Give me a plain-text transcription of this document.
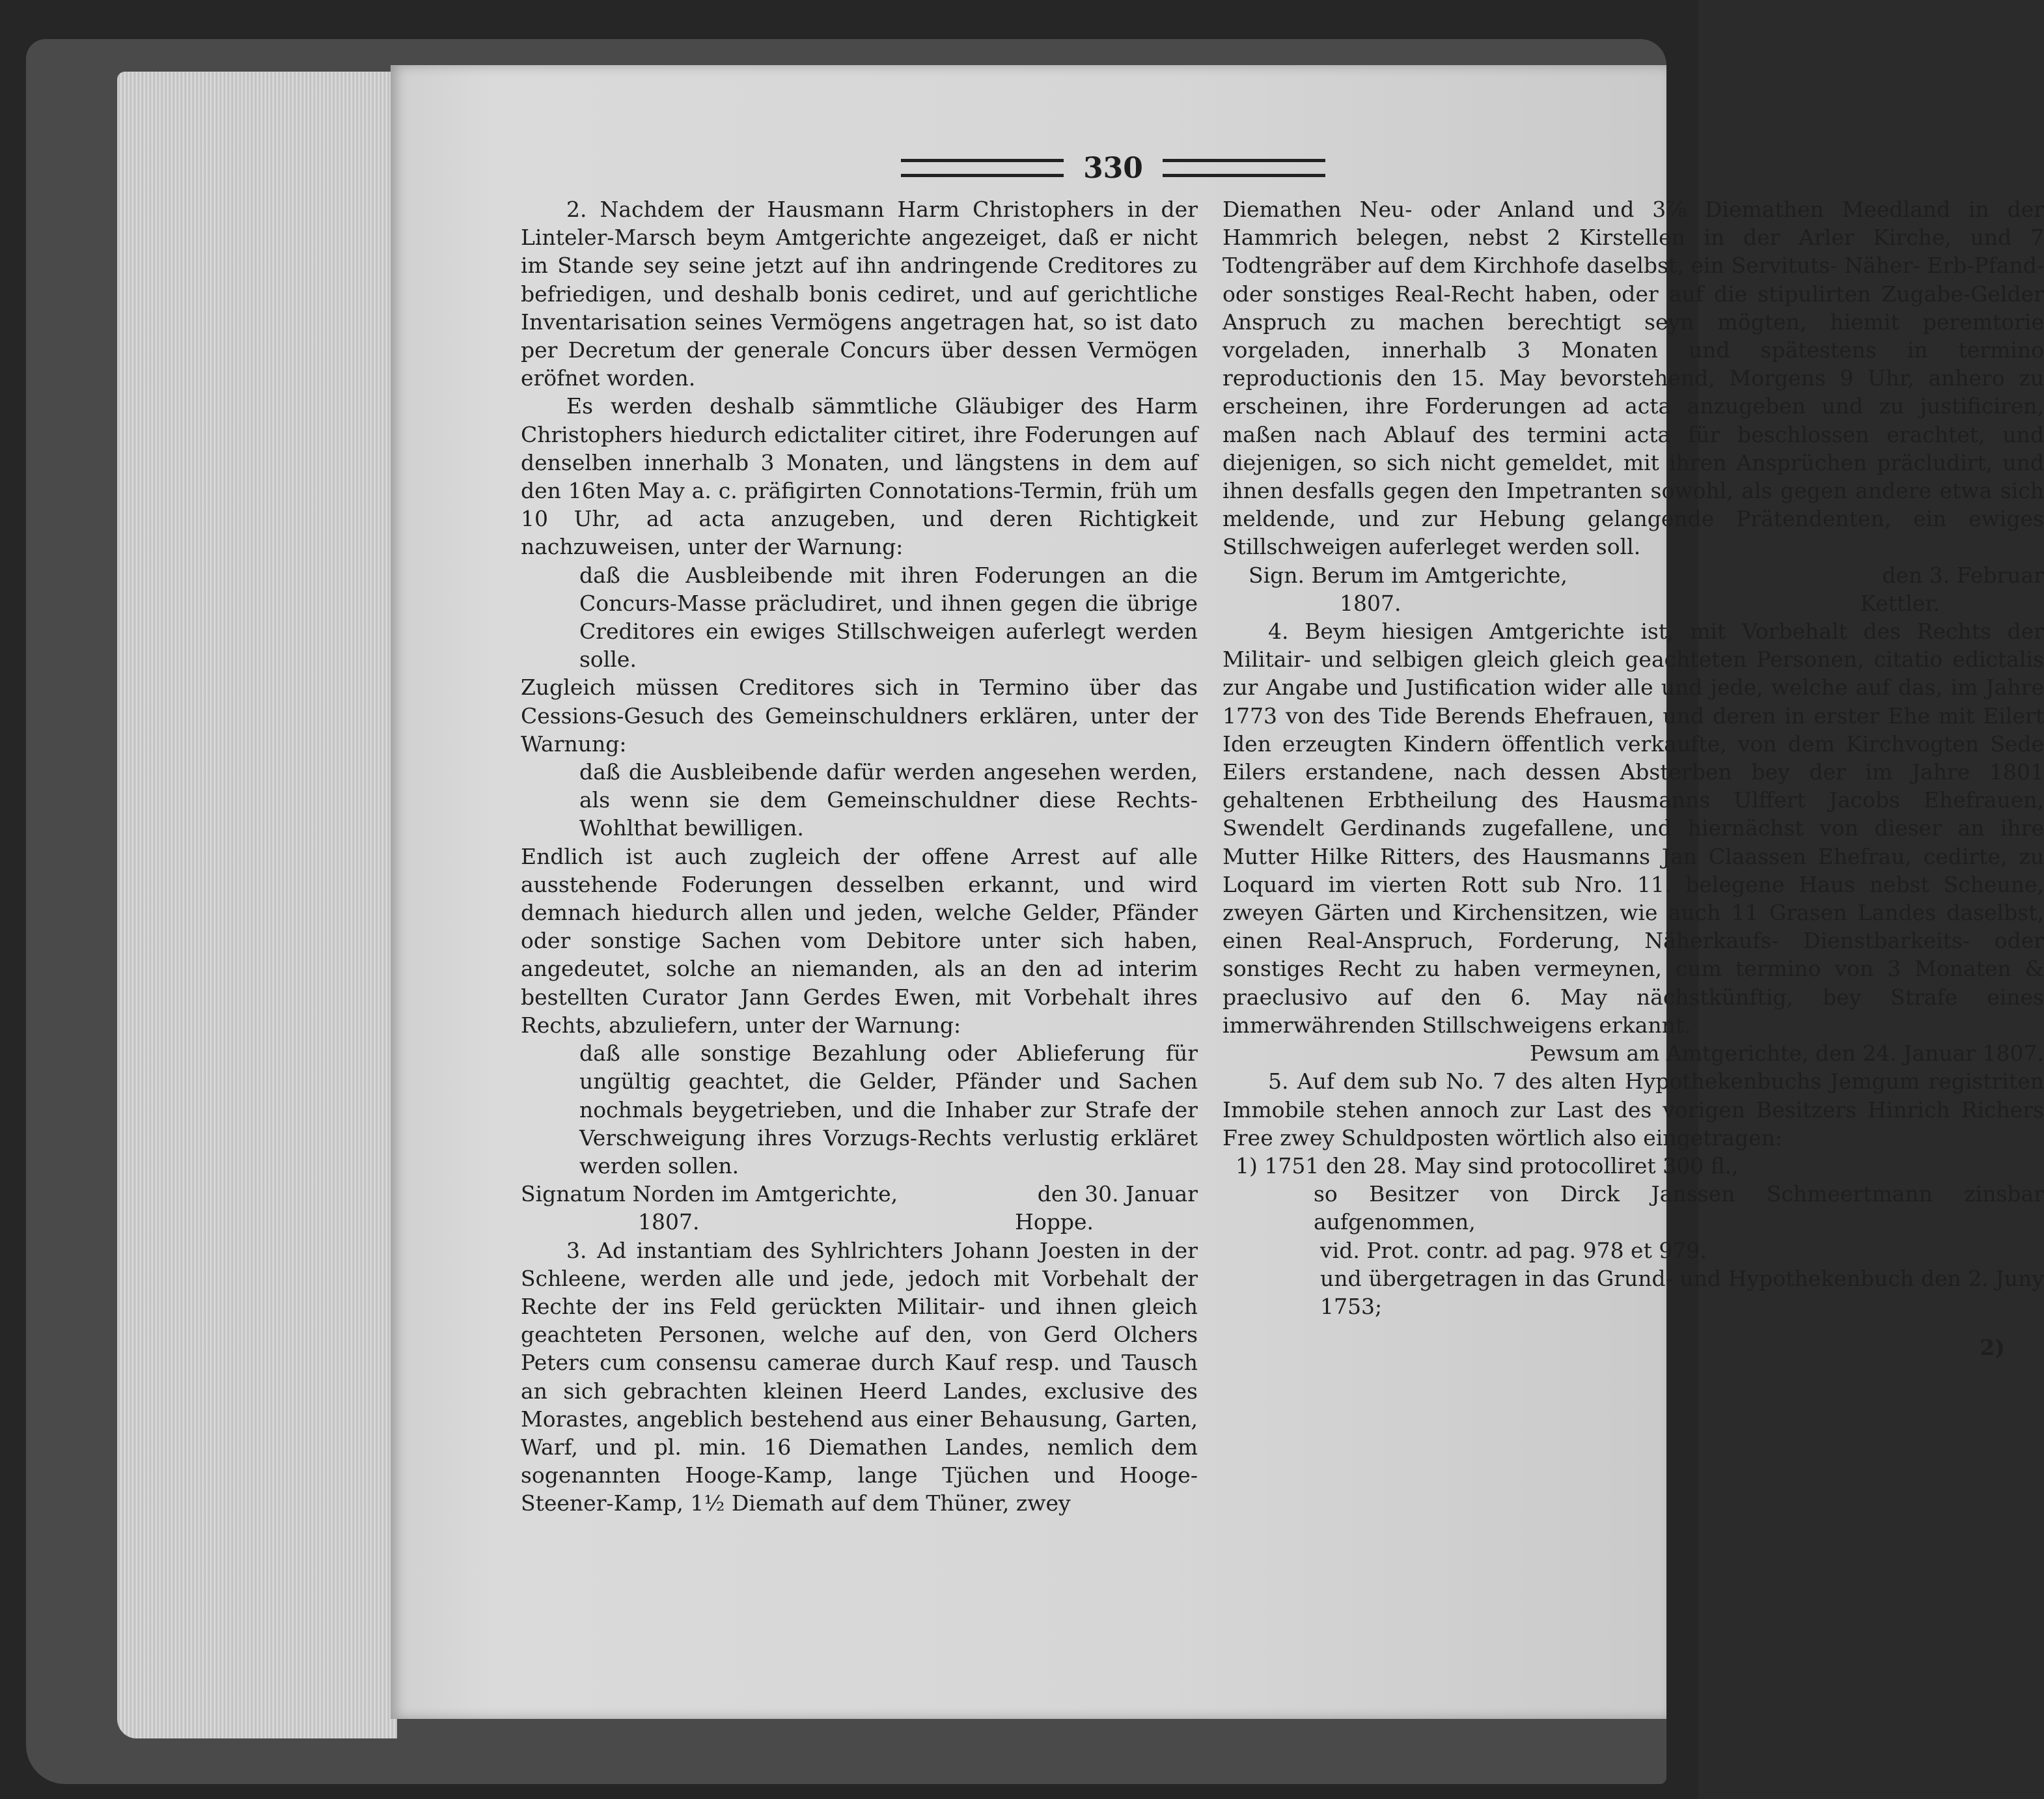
330

2. Nachdem der Hausmann Harm Christophers in der Linteler-Marsch beym Amtgerichte angezeiget, daß er nicht im Stande sey seine jetzt auf ihn andringende Creditores zu befriedigen, und deshalb bonis cediret, und auf gerichtliche Inventarisation seines Vermögens angetragen hat, so ist dato per Decretum der generale Concurs über dessen Vermögen eröfnet worden.

Es werden deshalb sämmtliche Gläubiger des Harm Christophers hiedurch edictaliter citiret, ihre Foderungen auf denselben innerhalb 3 Monaten, und längstens in dem auf den 16ten May a. c. präfigirten Connotations-Termin, früh um 10 Uhr, ad acta anzugeben, und deren Richtigkeit nachzuweisen, unter der Warnung:

daß die Ausbleibende mit ihren Foderungen an die Concurs-Masse präcludiret, und ihnen gegen die übrige Creditores ein ewiges Stillschweigen auferlegt werden solle.

Zugleich müssen Creditores sich in Termino über das Cessions-Gesuch des Gemeinschuldners erklären, unter der Warnung:

daß die Ausbleibende dafür werden angesehen werden, als wenn sie dem Gemeinschuldner diese Rechts-Wohlthat bewilligen.

Endlich ist auch zugleich der offene Arrest auf alle ausstehende Foderungen desselben erkannt, und wird demnach hiedurch allen und jeden, welche Gelder, Pfänder oder sonstige Sachen vom Debitore unter sich haben, angedeutet, solche an niemanden, als an den ad interim bestellten Curator Jann Gerdes Ewen, mit Vorbehalt ihres Rechts, abzuliefern, unter der Warnung:

daß alle sonstige Bezahlung oder Ablieferung für ungültig geachtet, die Gelder, Pfänder und Sachen nochmals beygetrieben, und die Inhaber zur Strafe der Verschweigung ihres Vorzugs-Rechts verlustig erkläret werden sollen.

Signatum Norden im Amtgerichte,	den 30. Januar
1807.	Hoppe.

3. Ad instantiam des Syhlrichters Johann Joesten in der Schleene, werden alle und jede, jedoch mit Vorbehalt der Rechte der ins Feld gerückten Militair- und ihnen gleich geachteten Personen, welche auf den, von Gerd Olchers Peters cum consensu camerae durch Kauf resp. und Tausch an sich gebrachten kleinen Heerd Landes, exclusive des Morastes, angeblich bestehend aus einer Behausung, Garten, Warf, und pl. min. 16 Diemathen Landes, nemlich dem sogenannten Hooge-Kamp, lange Tjüchen und Hooge-Steener-Kamp, 1½ Diemath auf dem Thüner, zwey

Diemathen Neu- oder Anland und 3⅞ Diemathen Meedland in der Hammrich belegen, nebst 2 Kirstellen in der Arler Kirche, und 7 Todtengräber auf dem Kirchhofe daselbst, ein Servituts- Näher- Erb-Pfand- oder sonstiges Real-Recht haben, oder auf die stipulirten Zugabe-Gelder Anspruch zu machen berechtigt seyn mögten, hiemit peremtorie vorgeladen, innerhalb 3 Monaten und spätestens in termino reproductionis den 15. May bevorstehend, Morgens 9 Uhr, anhero zu erscheinen, ihre Forderungen ad acta anzugeben und zu justificiren, maßen nach Ablauf des termini acta für beschlossen erachtet, und diejenigen, so sich nicht gemeldet, mit ihren Ansprüchen präcludirt, und ihnen desfalls gegen den Impetranten sowohl, als gegen andere etwa sich meldende, und zur Hebung gelangende Prätendenten, ein ewiges Stillschweigen auferleget werden soll.

Sign. Berum im Amtgerichte,	den 3. Februar
1807.	Kettler.

4. Beym hiesigen Amtgerichte ist, mit Vorbehalt des Rechts der Militair- und selbigen gleich gleich geachteten Personen, citatio edictalis zur Angabe und Justification wider alle und jede, welche auf das, im Jahre 1773 von des Tide Berends Ehefrauen, und deren in erster Ehe mit Eilert Iden erzeugten Kindern öffentlich verkaufte, von dem Kirchvogten Sede Eilers erstandene, nach dessen Absterben bey der im Jahre 1801 gehaltenen Erbtheilung des Hausmanns Ulffert Jacobs Ehefrauen, Swendelt Gerdinands zugefallene, und hiernächst von dieser an ihre Mutter Hilke Ritters, des Hausmanns Jan Claassen Ehefrau, cedirte, zu Loquard im vierten Rott sub Nro. 11. belegene Haus nebst Scheune, zweyen Gärten und Kirchensitzen, wie auch 11 Grasen Landes daselbst, einen Real-Anspruch, Forderung, Näherkaufs- Dienstbarkeits- oder sonstiges Recht zu haben vermeynen, cum termino von 3 Monaten & praeclusivo auf den 6. May nächstkünftig, bey Strafe eines immerwährenden Stillschweigens erkannt.

Pewsum am Amtgerichte, den 24. Januar 1807.

5. Auf dem sub No. 7 des alten Hypothekenbuchs Jemgum registriten Immobile stehen annoch zur Last des vorigen Besitzers Hinrich Richers Free zwey Schuldposten wörtlich also eingetragen:

1) 1751 den 28. May sind protocolliret 300 fl.,

so Besitzer von Dirck Janssen Schmeertmann zinsbar aufgenommen,

vid. Prot. contr. ad pag. 978 et 979.

und übergetragen in das Grund- und Hypothekenbuch den 2. Juny 1753;

2)
